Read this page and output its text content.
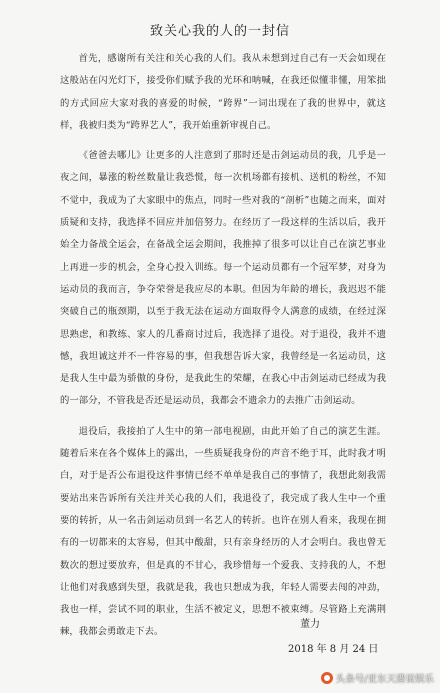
致关心我的人的一封信

首先，感谢所有关注和关心我的人们。我从未想到过自己有一天会如现在这般站在闪光灯下，接受你们赋予我的光环和呐喊，在我还似懂非懂，用笨拙的方式回应大家对我的喜爱的时候，“跨界”一词出现在了我的世界中，就这样，我被归类为“跨界艺人”，我开始重新审视自己。

《爸爸去哪儿》让更多的人注意到了那时还是击剑运动员的我，几乎是一夜之间，暴涨的粉丝数量让我恐慌，每一次机场都有接机、送机的粉丝，不知不觉中，我成为了大家眼中的焦点，同时一些对我的“剖析”也随之而来，面对质疑和支持，我选择不回应并加倍努力。在经历了一段这样的生活以后，我开始全力备战全运会，在备战全运会期间，我推掉了很多可以让自己在演艺事业上再进一步的机会，全身心投入训练。每一个运动员都有一个冠军梦，对身为运动员的我而言，争夺荣誉是我应尽的本职。但因为年龄的增长，我迟迟不能突破自己的瓶颈期，以至于我无法在运动方面取得令人满意的成绩，在经过深思熟虑，和教练、家人的几番商讨过后，我选择了退役。对于退役，我并不遗憾，我坦诚这并不一件容易的事，但我想告诉大家，我曾经是一名运动员，这是我人生中最为骄傲的身份，是我此生的荣耀，在我心中击剑运动已经成为我的一部分，不管我是否还是运动员，我都会不遗余力的去推广击剑运动。

退役后，我接拍了人生中的第一部电视剧，由此开始了自己的演艺生涯。随着后来在各个媒体上的露出，一些质疑我身份的声音不绝于耳，此时我才明白，对于是否公布退役这件事情已经不单单是我自己的事情了，我想此刻我需要站出来告诉所有关注并关心我的人们，我退役了，我完成了我人生中一个重要的转折，从一名击剑运动员到一名艺人的转折。也许在别人看来，我现在拥有的一切都来的太容易，但其中酸甜，只有亲身经历的人才会明白。我也曾无数次的想过要放弃，但是真的不甘心，我珍惜每一个爱我、支持我的人，不想让他们对我感到失望，我就是我，我也只想成为我，年轻人需要去闯的冲劲，我也一样，尝试不同的职业，生活不被定义，思想不被束缚。尽管路上充满荆棘，我都会勇敢走下去。

董力
2018 年 8 月 24 日
头条号/亚东天港说娱乐
